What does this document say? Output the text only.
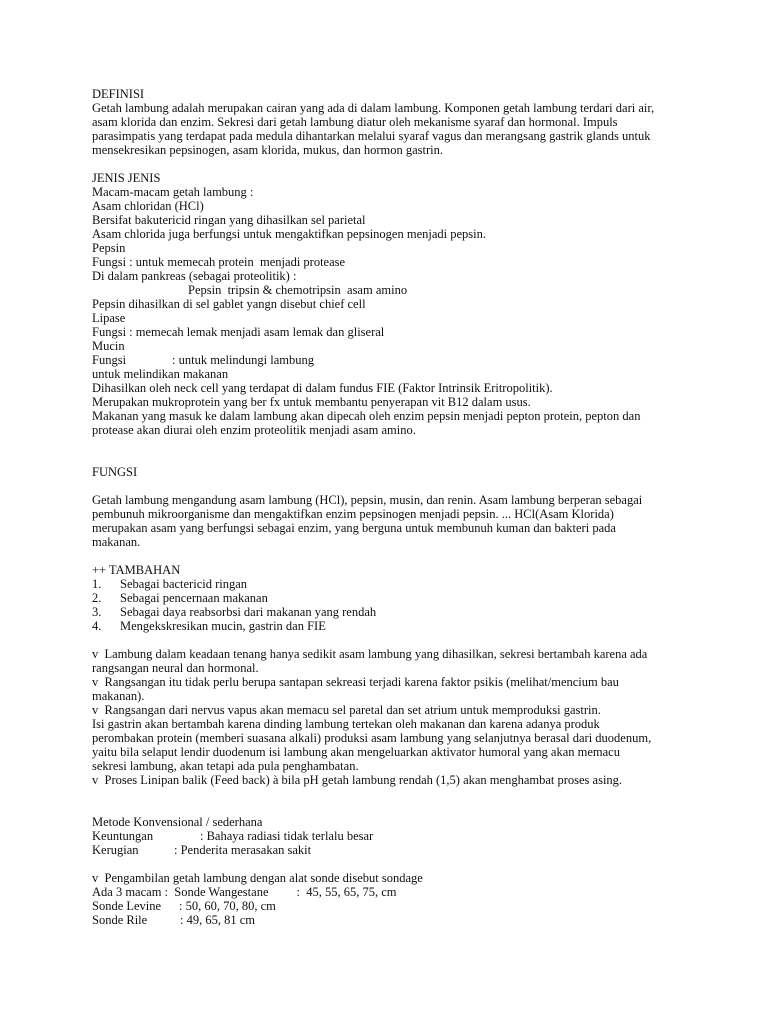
DEFINISI
Getah lambung adalah merupakan cairan yang ada di dalam lambung. Komponen getah lambung terdari dari air,
asam klorida dan enzim. Sekresi dari getah lambung diatur oleh mekanisme syaraf dan hormonal. Impuls
parasimpatis yang terdapat pada medula dihantarkan melalui syaraf vagus dan merangsang gastrik glands untuk
mensekresikan pepsinogen, asam klorida, mukus, dan hormon gastrin.
JENIS JENIS
Macam-macam getah lambung :
Asam chloridan (HCl)
Bersifat bakutericid ringan yang dihasilkan sel parietal
Asam chlorida juga berfungsi untuk mengaktifkan pepsinogen menjadi pepsin.
Pepsin
Fungsi : untuk memecah protein  menjadi protease
Di dalam pankreas (sebagai proteolitik) :
Pepsin  tripsin & chemotripsin  asam amino
Pepsin dihasilkan di sel gablet yangn disebut chief cell
Lipase
Fungsi : memecah lemak menjadi asam lemak dan gliseral
Mucin
Fungsi	: untuk melindungi lambung
untuk melindikan makanan
Dihasilkan oleh neck cell yang terdapat di dalam fundus FIE (Faktor Intrinsik Eritropolitik).
Merupakan mukroprotein yang ber fx untuk membantu penyerapan vit B12 dalam usus.
Makanan yang masuk ke dalam lambung akan dipecah oleh enzim pepsin menjadi pepton protein, pepton dan
protease akan diurai oleh enzim proteolitik menjadi asam amino.
FUNGSI
Getah lambung mengandung asam lambung (HCl), pepsin, musin, dan renin. Asam lambung berperan sebagai
pembunuh mikroorganisme dan mengaktifkan enzim pepsinogen menjadi pepsin. ... HCl(Asam Klorida)
merupakan asam yang berfungsi sebagai enzim, yang berguna untuk membunuh kuman dan bakteri pada
makanan.
++ TAMBAHAN
1. Sebagai bactericid ringan
2. Sebagai pencernaan makanan
3. Sebagai daya reabsorbsi dari makanan yang rendah
4. Mengekskresikan mucin, gastrin dan FIE
v  Lambung dalam keadaan tenang hanya sedikit asam lambung yang dihasilkan, sekresi bertambah karena ada
rangsangan neural dan hormonal.
v  Rangsangan itu tidak perlu berupa santapan sekreasi terjadi karena faktor psikis (melihat/mencium bau
makanan).
v  Rangsangan dari nervus vapus akan memacu sel paretal dan set atrium untuk memproduksi gastrin.
Isi gastrin akan bertambah karena dinding lambung tertekan oleh makanan dan karena adanya produk
perombakan protein (memberi suasana alkali) produksi asam lambung yang selanjutnya berasal dari duodenum,
yaitu bila selaput lendir duodenum isi lambung akan mengeluarkan aktivator humoral yang akan memacu
sekresi lambung, akan tetapi ada pula penghambatan.
v  Proses Linipan balik (Feed back) à bila pH getah lambung rendah (1,5) akan menghambat proses asing.
Metode Konvensional / sederhana
Keuntungan	: Bahaya radiasi tidak terlalu besar
Kerugian	: Penderita merasakan sakit
v  Pengambilan getah lambung dengan alat sonde disebut sondage
Ada 3 macam :  Sonde Wangestane :  45, 55, 65, 75, cm
Sonde Levine : 50, 60, 70, 80, cm
Sonde Rile	: 49, 65, 81 cm
